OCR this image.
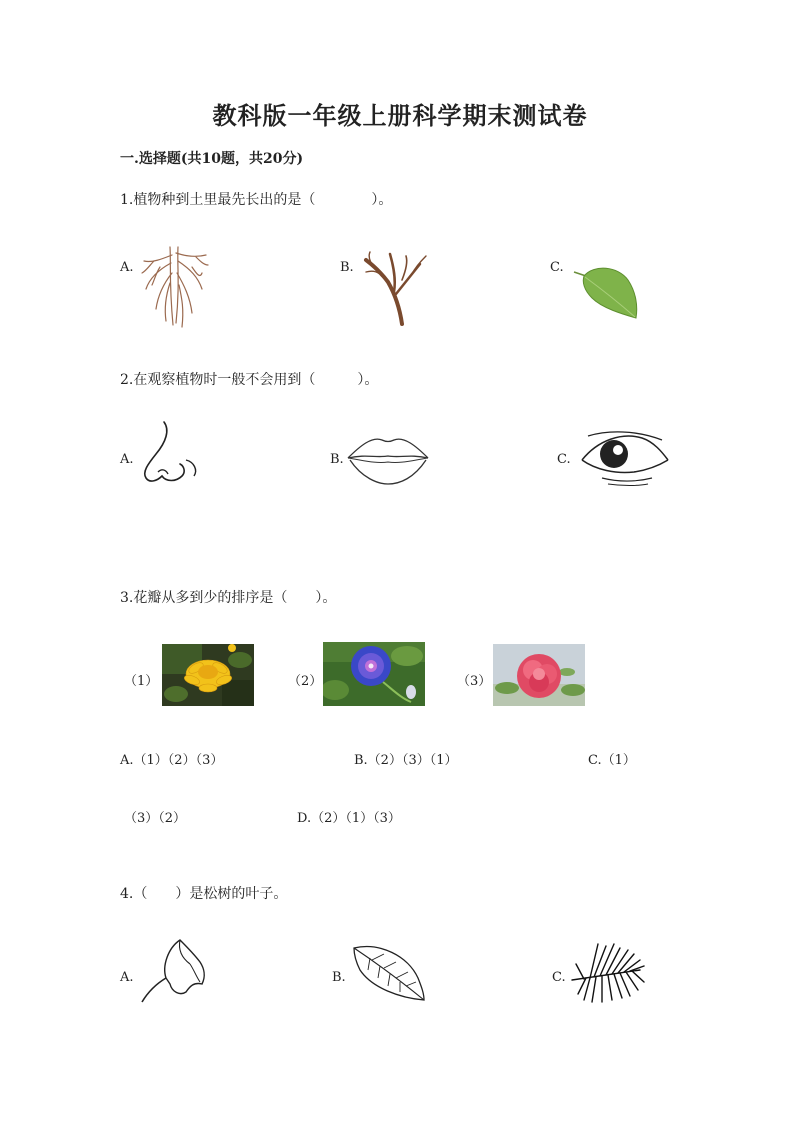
教科版一年级上册科学期末测试卷
一.选择题(共10题，共20分)
1.植物种到土里最先长出的是（　　　　）。
A.	B.	C.
2.在观察植物时一般不会用到（　　　）。
A.	B.	C.
3.花瓣从多到少的排序是（　　）。
（1）	（2）	（3）
A.（1）（2）（3）	B.（2）（3）（1）	C.（1）
（3）（2）	D.（2）（1）（3）
4.（　　）是松树的叶子。
A.	B.	C.
